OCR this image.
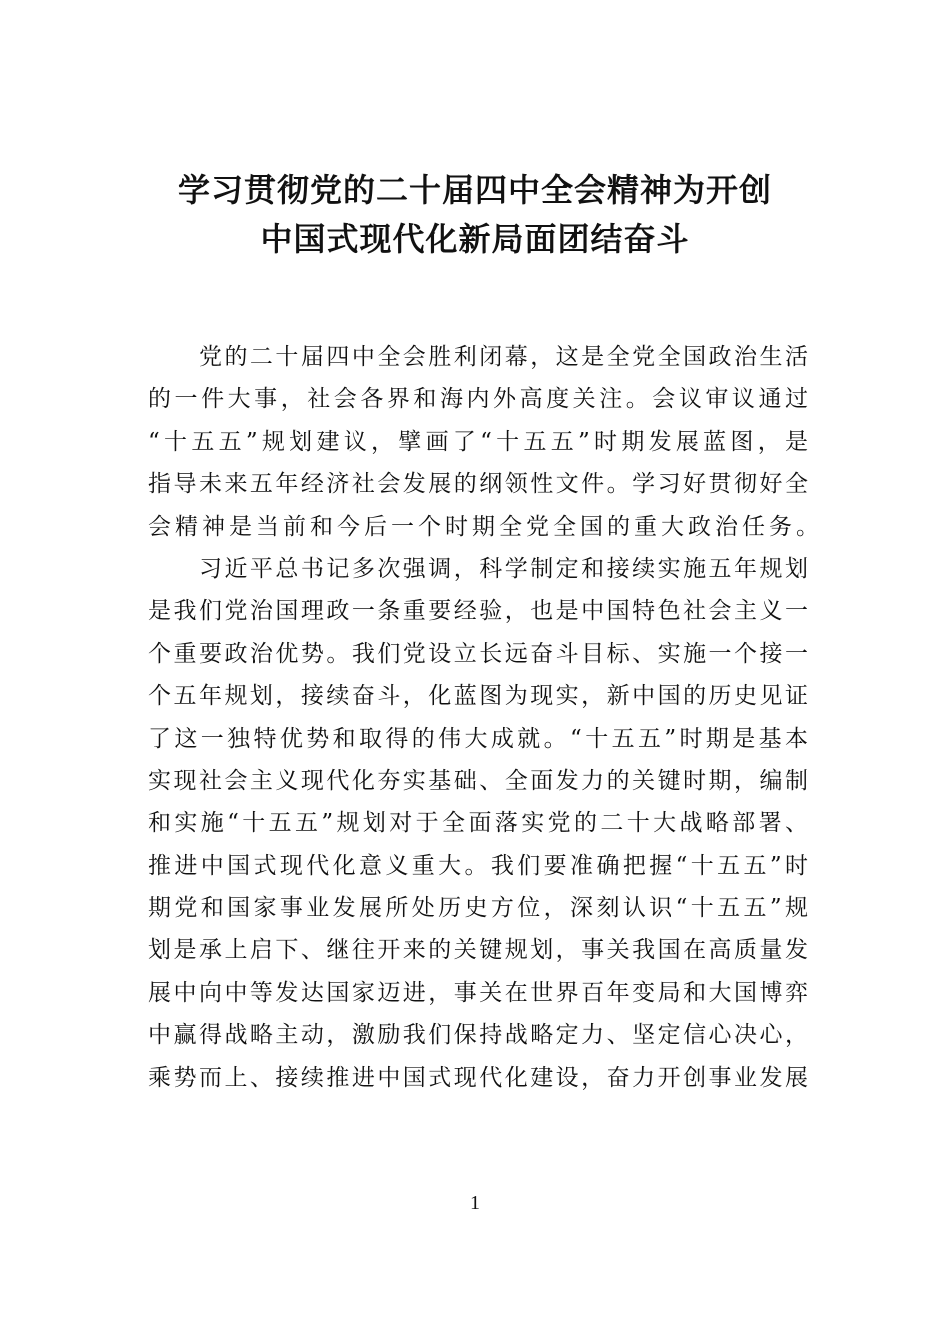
学习贯彻党的二十届四中全会精神为开创
中国式现代化新局面团结奋斗
　　党的二十届四中全会胜利闭幕，这是全党全国政治生活
的一件大事，社会各界和海内外高度关注。会议审议通过
“十五五”规划建议，擘画了“十五五”时期发展蓝图，是
指导未来五年经济社会发展的纲领性文件。学习好贯彻好全
会精神是当前和今后一个时期全党全国的重大政治任务。
　　习近平总书记多次强调，科学制定和接续实施五年规划
是我们党治国理政一条重要经验，也是中国特色社会主义一
个重要政治优势。我们党设立长远奋斗目标、实施一个接一
个五年规划，接续奋斗，化蓝图为现实，新中国的历史见证
了这一独特优势和取得的伟大成就。“十五五”时期是基本
实现社会主义现代化夯实基础、全面发力的关键时期，编制
和实施“十五五”规划对于全面落实党的二十大战略部署、
推进中国式现代化意义重大。我们要准确把握“十五五”时
期党和国家事业发展所处历史方位，深刻认识“十五五”规
划是承上启下、继往开来的关键规划，事关我国在高质量发
展中向中等发达国家迈进，事关在世界百年变局和大国博弈
中赢得战略主动，激励我们保持战略定力、坚定信心决心，
乘势而上、接续推进中国式现代化建设，奋力开创事业发展
1
